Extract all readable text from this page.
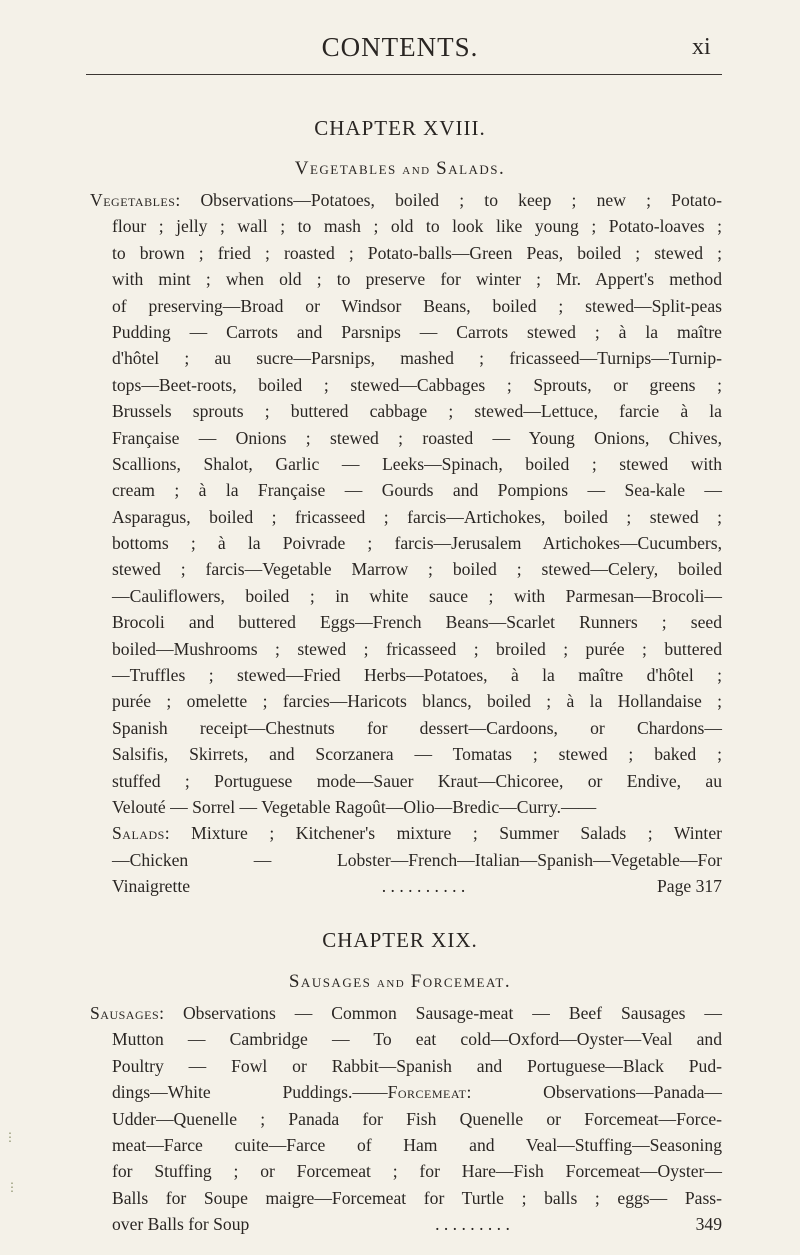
CONTENTS.	xi
CHAPTER XVIII.
Vegetables and Salads.
Vegetables: Observations—Potatoes, boiled ; to keep ; new ; Potato-
flour ; jelly ; wall ; to mash ; old to look like young ; Potato-loaves ;
to brown ; fried ; roasted ; Potato-balls—Green Peas, boiled ; stewed ;
with mint ; when old ; to preserve for winter ; Mr. Appert's method
of preserving—Broad or Windsor Beans, boiled ; stewed—Split-peas
Pudding — Carrots and Parsnips — Carrots stewed ; à la maître
d'hôtel ; au sucre—Parsnips, mashed ; fricasseed—Turnips—Turnip-
tops—Beet-roots, boiled ; stewed—Cabbages ; Sprouts, or greens ;
Brussels sprouts ; buttered cabbage ; stewed—Lettuce, farcie à la
Française — Onions ; stewed ; roasted — Young Onions, Chives,
Scallions, Shalot, Garlic — Leeks—Spinach, boiled ; stewed with
cream ; à la Française — Gourds and Pompions — Sea-kale —
Asparagus, boiled ; fricasseed ; farcis—Artichokes, boiled ; stewed ;
bottoms ; à la Poivrade ; farcis—Jerusalem Artichokes—Cucumbers,
stewed ; farcis—Vegetable Marrow ; boiled ; stewed—Celery, boiled
—Cauliflowers, boiled ; in white sauce ; with Parmesan—Brocoli—
Brocoli and buttered Eggs—French Beans—Scarlet Runners ; seed
boiled—Mushrooms ; stewed ; fricasseed ; broiled ; purée ; buttered
—Truffles ; stewed—Fried Herbs—Potatoes, à la maître d'hôtel ;
purée ; omelette ; farcies—Haricots blancs, boiled ; à la Hollandaise ;
Spanish receipt—Chestnuts for dessert—Cardoons, or Chardons—
Salsifis, Skirrets, and Scorzanera — Tomatas ; stewed ; baked ;
stuffed ; Portuguese mode—Sauer Kraut—Chicoree, or Endive, au
Velouté — Sorrel — Vegetable Ragoût—Olio—Bredic—Curry.——
Salads: Mixture ; Kitchener's mixture ; Summer Salads ; Winter
—Chicken — Lobster—French—Italian—Spanish—Vegetable—For
Vinaigrette	. . . . . . . . . .	Page 317
CHAPTER XIX.
Sausages and Forcemeat.
Sausages: Observations — Common Sausage-meat — Beef Sausages —
Mutton — Cambridge — To eat cold—Oxford—Oyster—Veal and
Poultry — Fowl or Rabbit—Spanish and Portuguese—Black Pud-
dings—White Puddings.——Forcemeat: Observations—Panada—
Udder—Quenelle ; Panada for Fish Quenelle or Forcemeat—Force-
meat—Farce cuite—Farce of Ham and Veal—Stuffing—Seasoning
for Stuffing ; or Forcemeat ; for Hare—Fish Forcemeat—Oyster—
Balls for Soupe maigre—Forcemeat for Turtle ; balls ; eggs— Pass-
over Balls for Soup	. . . . . . . . .	349
⋮
⋮
